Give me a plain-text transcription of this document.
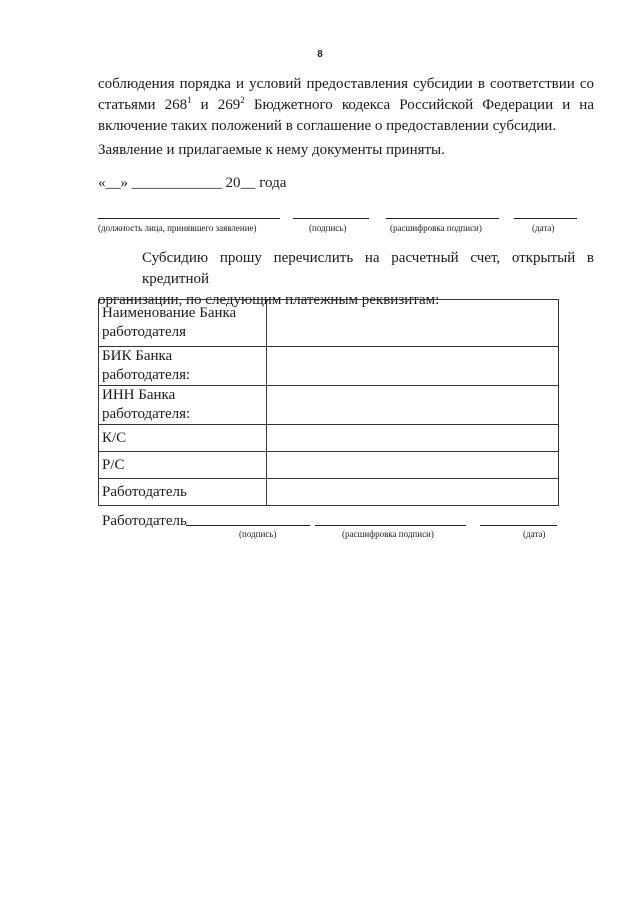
8
соблюдения порядка и условий предоставления субсидии в соответствии со
статьями $268^1$ и $269^2$ Бюджетного кодекса Российской Федерации и на
включение таких положений в соглашение о предоставлении субсидии.
Заявление и прилагаемые к нему документы приняты.
«__» ____________ 20__ года
(должность лица, принявшего заявление)	(подпись)	(расшифровка подписи)	(дата)
Субсидию прошу перечислить на расчетный счет, открытый в кредитной
организации, по следующим платежным реквизитам:
Наименование Банка работодателя	
БИК Банка работодателя:	
ИНН Банка работодателя:	
К/С	
Р/С	
Работодатель	
Работодатель
(подпись)	(расшифровка подписи)	(дата)
